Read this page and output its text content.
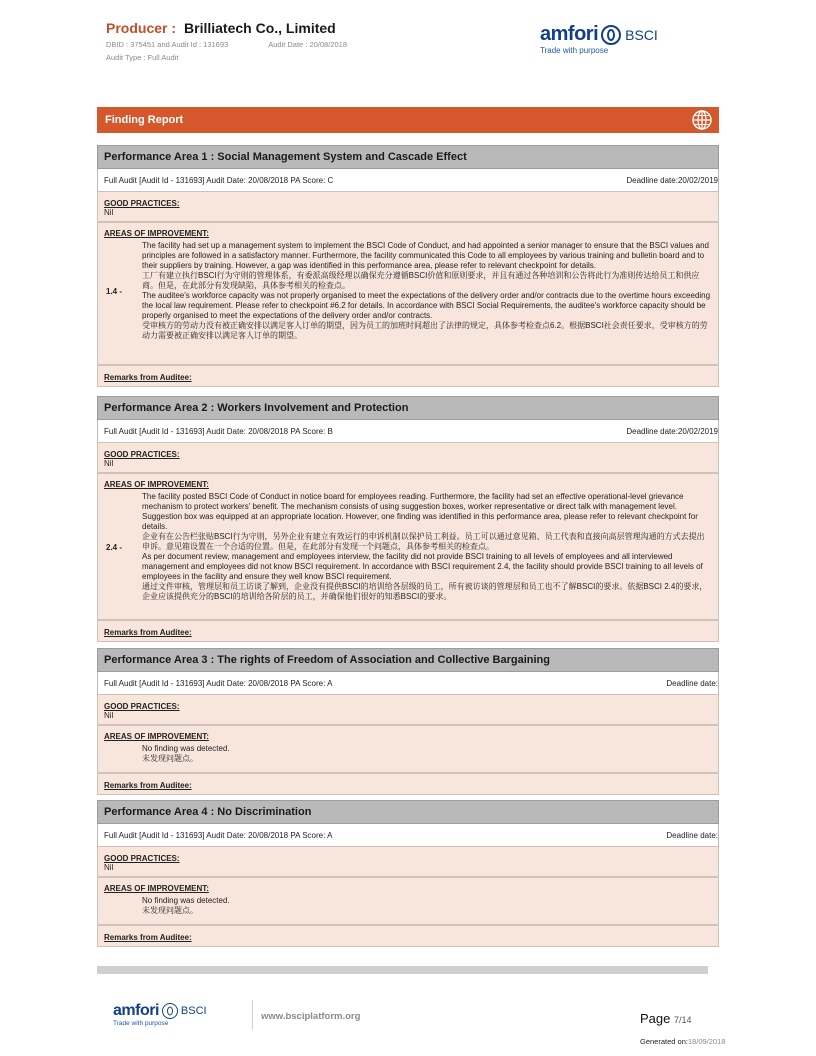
Producer : Brilliatech Co., Limited
DBID : 375451 and Audit Id : 131693	Audit Date : 20/08/2018
Audit Type : Full Audit
amfori BSCI
Trade with purpose
Finding Report
Performance Area 1 : Social Management System and Cascade Effect
Full Audit [Audit Id - 131693] Audit Date: 20/08/2018 PA Score: C	Deadline date:20/02/2019
GOOD PRACTICES:
Nil
AREAS OF IMPROVEMENT:
1.4 -
The facility had set up a management system to implement the BSCI Code of Conduct, and had appointed a senior manager to ensure that the BSCI values and principles are followed in a satisfactory manner. Furthermore, the facility communicated this Code to all employees by various training and bulletin board and to their suppliers by training. However, a gap was identified in this performance area, please refer to relevant checkpoint for details.
工厂有建立执行BSCI行为守则的管理体系，有委派高级经理以确保充分遵循BSCI价值和原则要求，并且有通过各种培训和公告将此行为准则传达给员工和供应商。但是，在此部分有发现缺陷，具体参考相关的检查点。
The auditee's workforce capacity was not properly organised to meet the expectations of the delivery order and/or contracts due to the overtime hours exceeding the local law requirement. Please refer to checkpoint #6.2 for details. In accordance with BSCI Social Requirements, the auditee's workforce capacity should be properly organised to meet the expectations of the delivery order and/or contracts.
受审核方的劳动力没有被正确安排以满足客人订单的期望，因为员工的加班时间超出了法律的规定，具体参考检查点6.2。根据BSCI社会责任要求，受审核方的劳动力需要被正确安排以满足客人订单的期望。
Remarks from Auditee:
Performance Area 2 : Workers Involvement and Protection
Full Audit [Audit Id - 131693] Audit Date: 20/08/2018 PA Score: B	Deadline date:20/02/2019
GOOD PRACTICES:
Nil
AREAS OF IMPROVEMENT:
2.4 -
The facility posted BSCI Code of Conduct in notice board for employees reading. Furthermore, the facility had set an effective operational-level grievance mechanism to protect workers' benefit. The mechanism consists of using suggestion boxes, worker representative or direct talk with management level. Suggestion box was equipped at an appropriate location. However, one finding was identified in this performance area, please refer to relevant checkpoint for details.
企业有在公告栏张贴BSCI行为守则，另外企业有建立有效运行的申诉机制以保护员工利益。员工可以通过意见箱、员工代表和直接向高层管理沟通的方式去提出申诉。意见箱设置在一个合适的位置。但是，在此部分有发现一个问题点，具体参考相关的检查点。
As per document review, management and employees interview, the facility did not provide BSCI training to all levels of employees and all interviewed management and employees did not know BSCI requirement. In accordance with BSCI requirement 2.4, the facility should provide BSCI training to all levels of employees in the facility and ensure they well know BSCI requirement.
通过文件审核，管理层和员工访谈了解到，企业没有提供BSCI的培训给各层级的员工，所有被访谈的管理层和员工也不了解BSCI的要求。依据BSCI 2.4的要求，企业应该提供充分的BSCI的培训给各阶层的员工，并确保他们很好的知悉BSCI的要求。
Remarks from Auditee:
Performance Area 3 : The rights of Freedom of Association and Collective Bargaining
Full Audit [Audit Id - 131693] Audit Date: 20/08/2018 PA Score: A	Deadline date:
GOOD PRACTICES:
Nil
AREAS OF IMPROVEMENT:
No finding was detected.
未发现问题点。
Remarks from Auditee:
Performance Area 4 : No Discrimination
Full Audit [Audit Id - 131693] Audit Date: 20/08/2018 PA Score: A	Deadline date:
GOOD PRACTICES:
Nil
AREAS OF IMPROVEMENT:
No finding was detected.
未发现问题点。
Remarks from Auditee:
amfori BSCI
Trade with purpose
www.bsciplatform.org	Page 7/14
Generated on:18/09/2018
